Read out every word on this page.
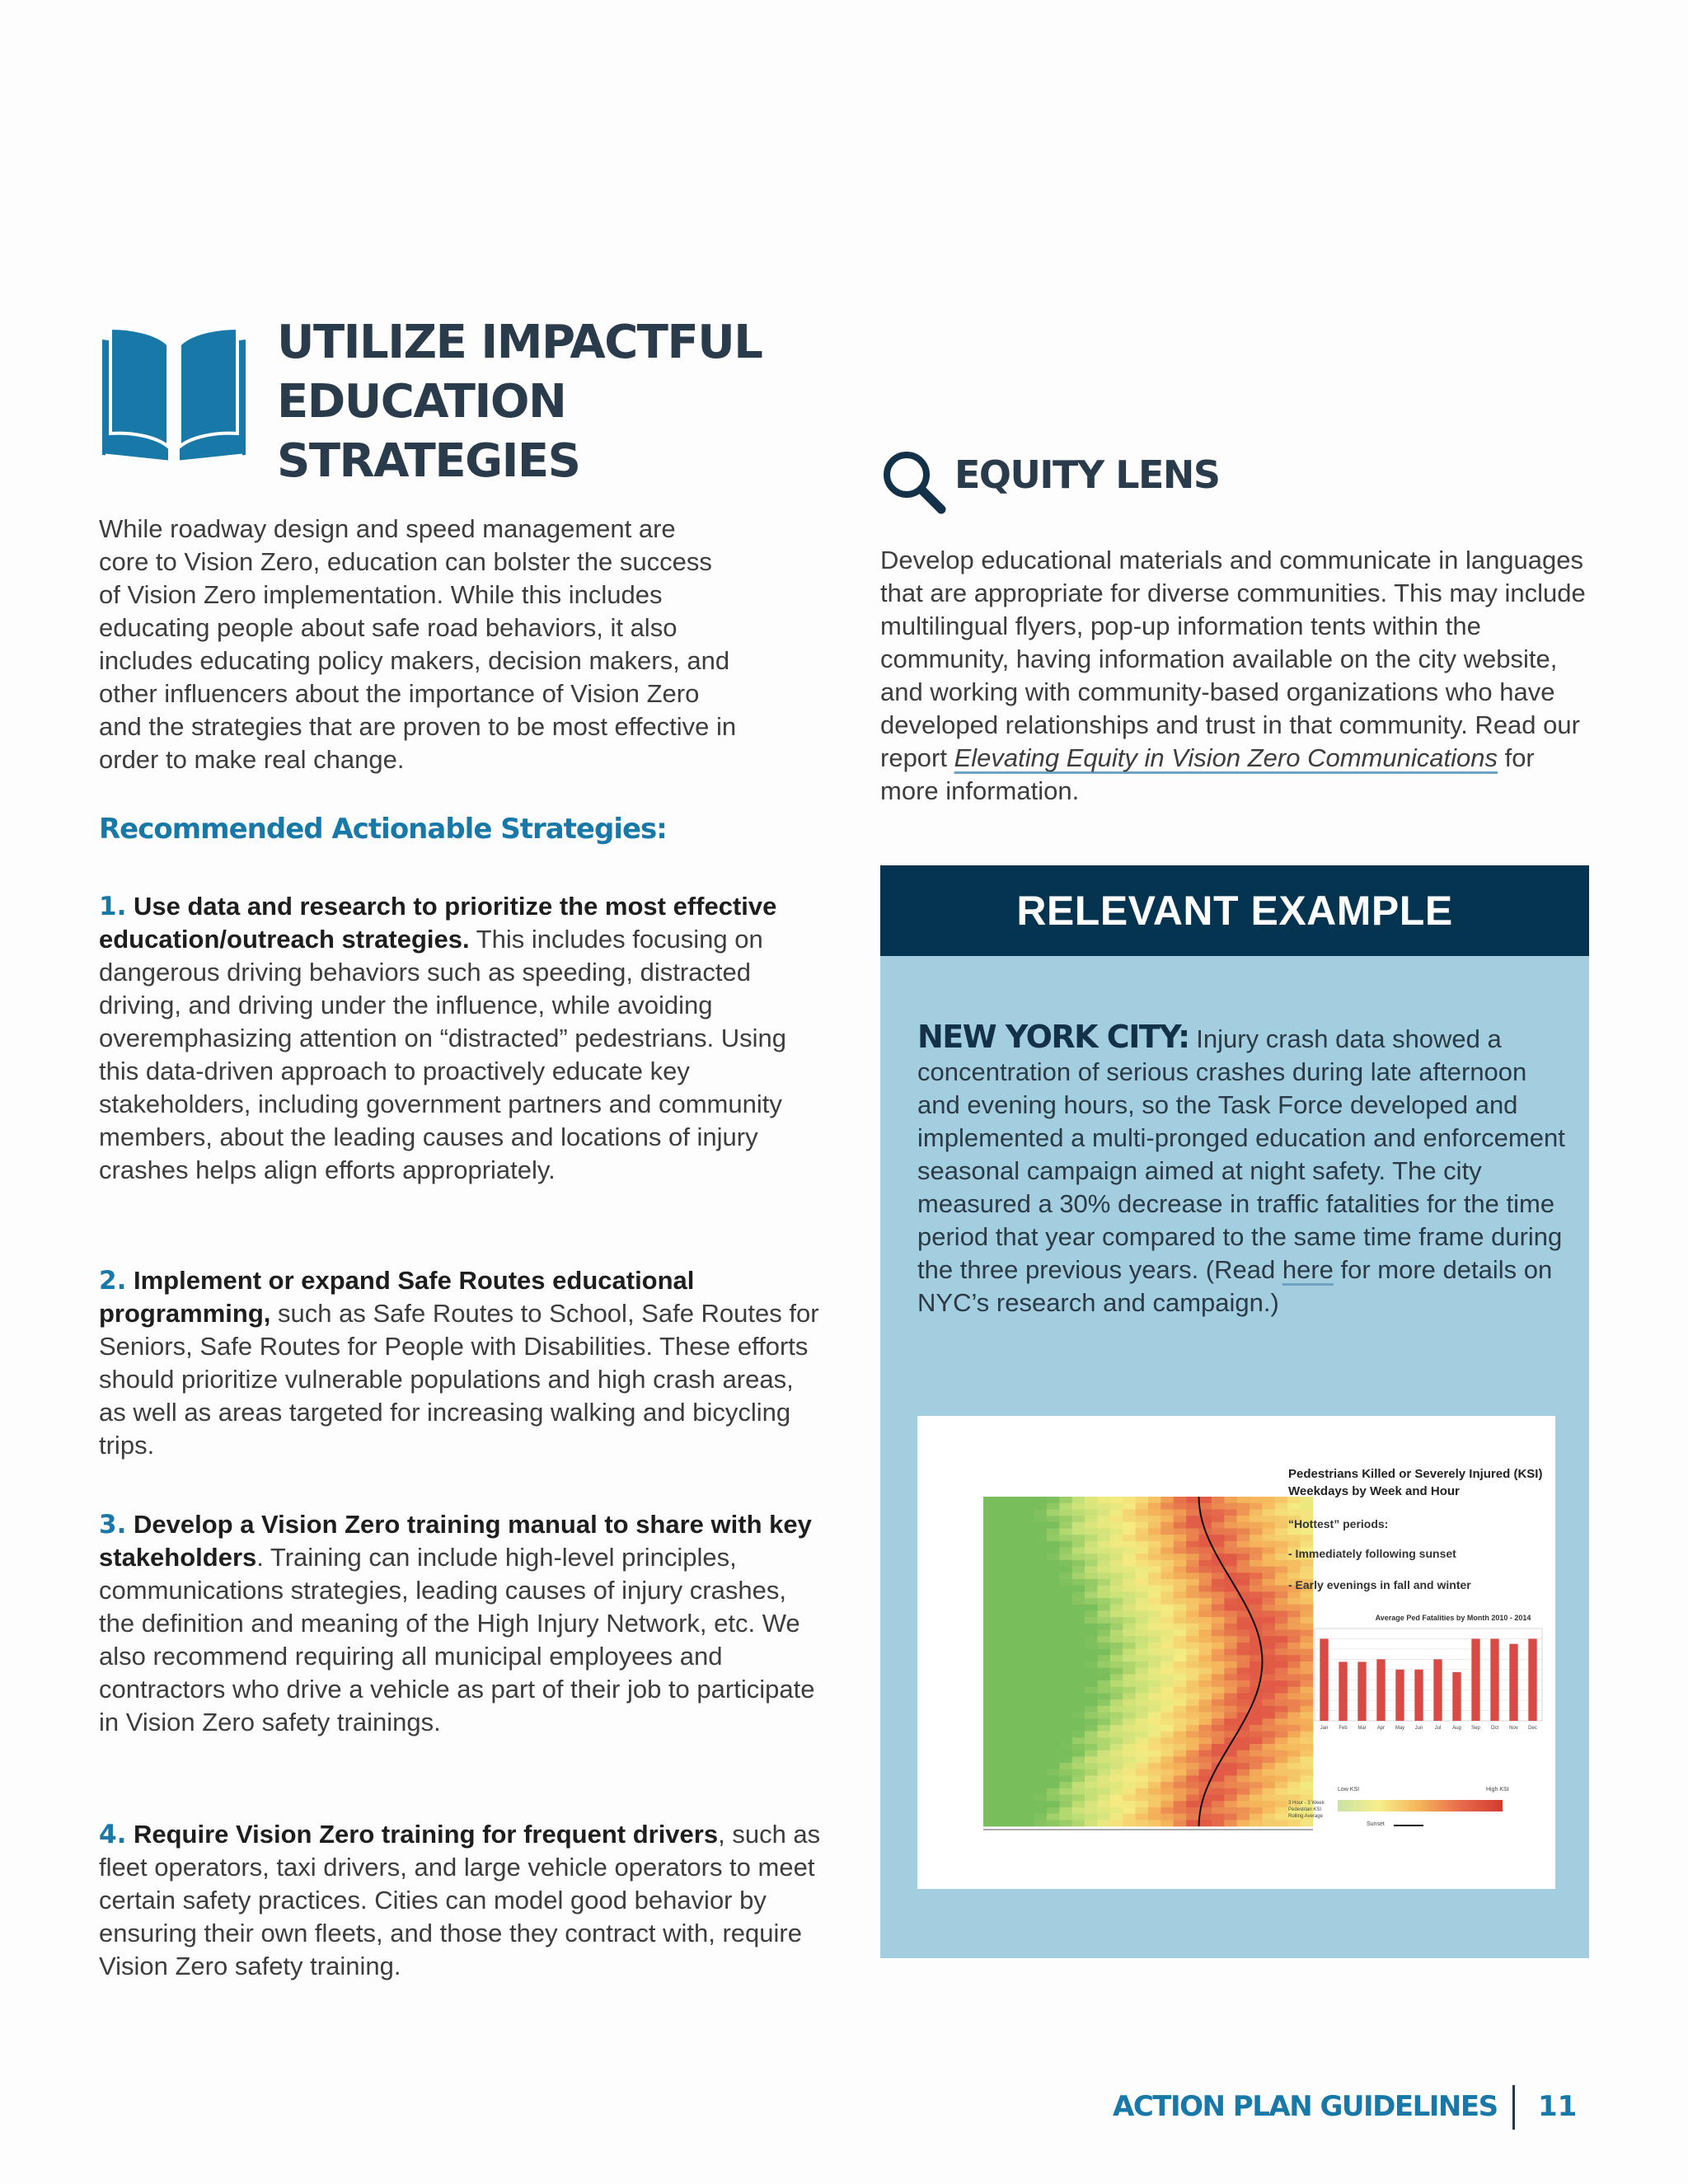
UTILIZE IMPACTFUL
EDUCATION
STRATEGIES
While roadway design and speed management are
core to Vision Zero, education can bolster the success
of Vision Zero implementation. While this includes
educating people about safe road behaviors, it also
includes educating policy makers, decision makers, and
other influencers about the importance of Vision Zero
and the strategies that are proven to be most effective in
order to make real change.
Recommended Actionable Strategies:

1. Use data and research to prioritize the most effective education/outreach strategies. This includes focusing on dangerous driving behaviors such as speeding, distracted driving, and driving under the influence, while avoiding overemphasizing attention on “distracted” pedestrians. Using this data-driven approach to proactively educate key stakeholders, including government partners and community members, about the leading causes and locations of injury crashes helps align efforts appropriately.

2. Implement or expand Safe Routes educational programming, such as Safe Routes to School, Safe Routes for Seniors, Safe Routes for People with Disabilities. These efforts should prioritize vulnerable populations and high crash areas, as well as areas targeted for increasing walking and bicycling trips.

3. Develop a Vision Zero training manual to share with key stakeholders. Training can include high-level principles, communications strategies, leading causes of injury crashes, the definition and meaning of the High Injury Network, etc. We also recommend requiring all municipal employees and contractors who drive a vehicle as part of their job to participate in Vision Zero safety trainings.

4. Require Vision Zero training for frequent drivers, such as fleet operators, taxi drivers, and large vehicle operators to meet certain safety practices. Cities can model good behavior by ensuring their own fleets, and those they contract with, require Vision Zero safety training.

EQUITY LENS

Develop educational materials and communicate in languages that are appropriate for diverse communities. This may include multilingual flyers, pop-up information tents within the community, having information available on the city website, and working with community-based organizations who have developed relationships and trust in that community. Read our report Elevating Equity in Vision Zero Communications for more information.

RELEVANT EXAMPLE

NEW YORK CITY: Injury crash data showed a concentration of serious crashes during late afternoon and evening hours, so the Task Force developed and implemented a multi-pronged education and enforcement seasonal campaign aimed at night safety. The city measured a 30% decrease in traffic fatalities for the time period that year compared to the same time frame during the three previous years. (Read here for more details on NYC’s research and campaign.)

Pedestrians Killed or Severely Injured (KSI)
Weekdays by Week and Hour
“Hottest” periods:
- Immediately following sunset
- Early evenings in fall and winter
Average Ped Fatalities by Month 2010 - 2014
Jan Feb Mar Apr May Jun Jul Aug Sep Oct Nov Dec
Low KSI	High KSI
3 Hour - 3 Week Pedestrian KSI Rolling Average
Sunset
ACTION PLAN GUIDELINES 11
